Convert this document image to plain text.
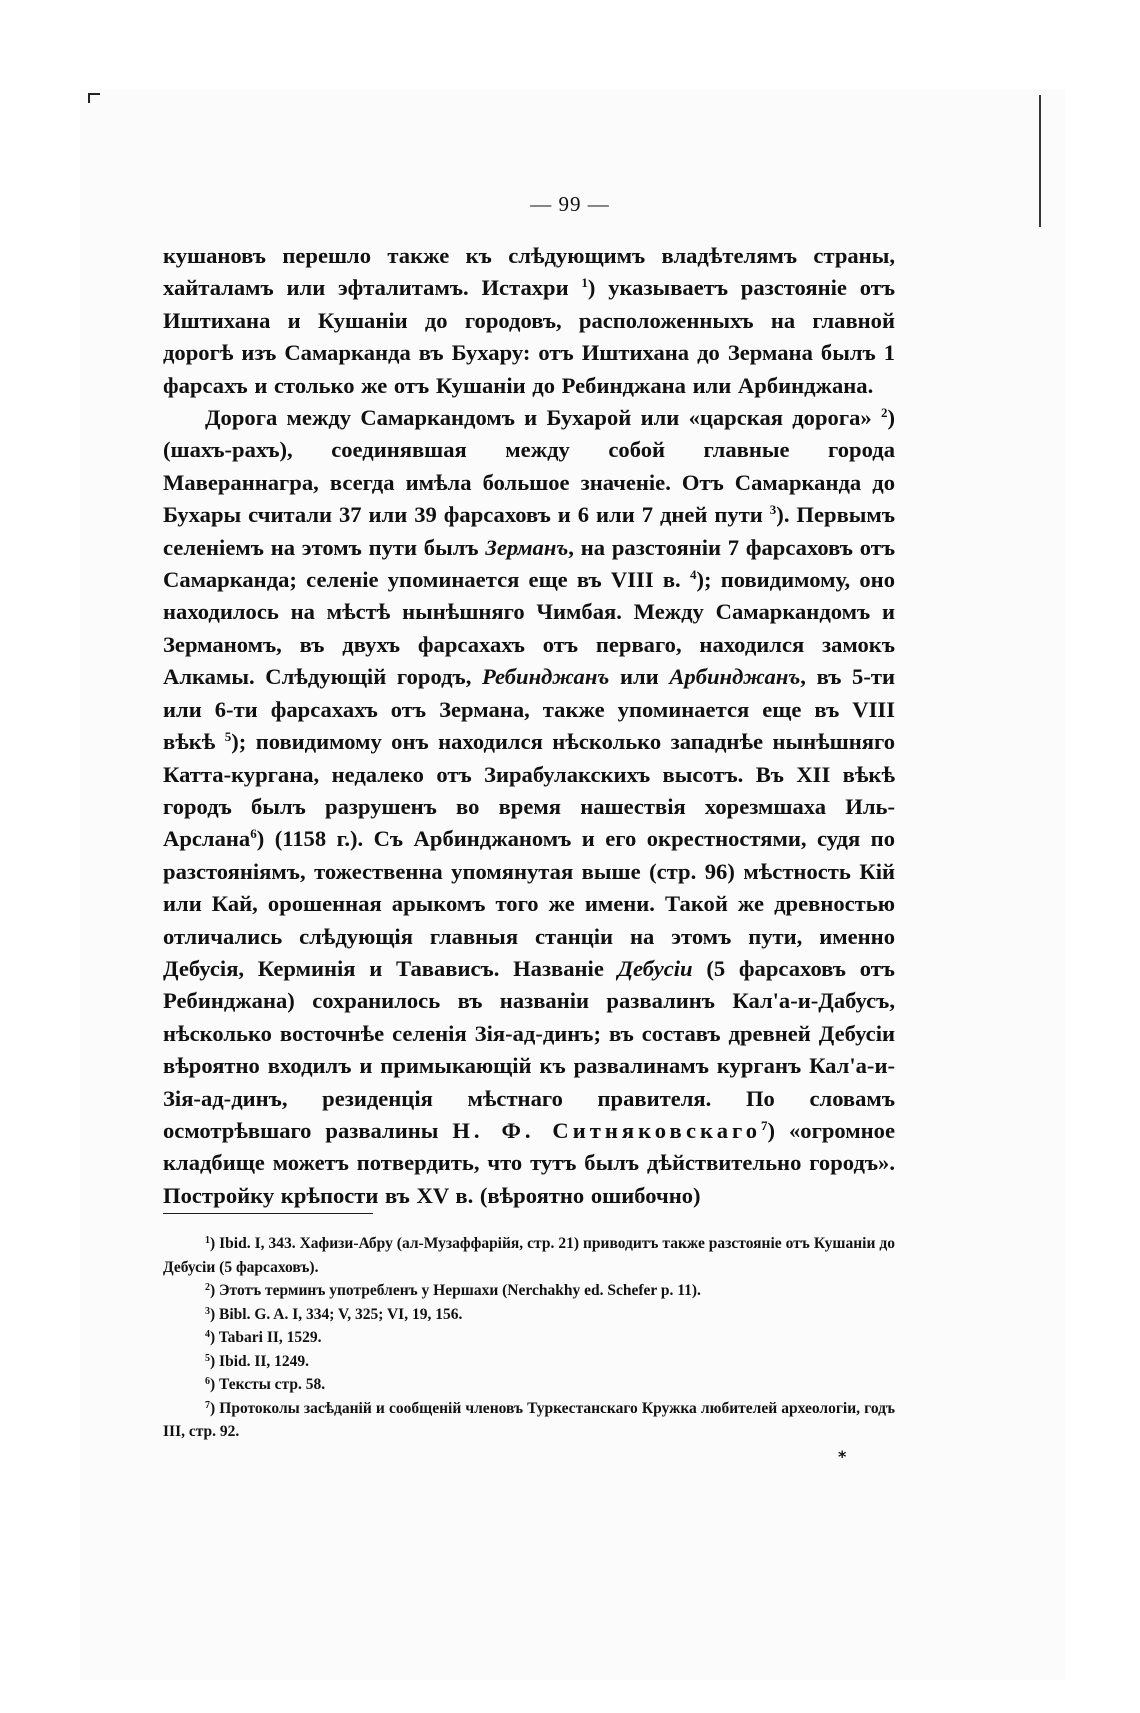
— 99 —

кушановъ перешло также къ слѣдующимъ владѣтелямъ страны, хайталамъ или эфталитамъ. Истахри $^1$) указываетъ разстояніе отъ Иштихана и Кушаніи до городовъ, расположенныхъ на главной дорогѣ изъ Самарканда въ Бухару: отъ Иштихана до Зермана былъ 1 фарсахъ и столько же отъ Кушаніи до Ребинджана или Арбинджана.

Дорога между Самаркандомъ и Бухарой или «царская дорога» $^2$) (шахъ-рахъ), соединявшая между собой главные города Мавераннагра, всегда имѣла большое значеніе. Отъ Самарканда до Бухары считали 37 или 39 фарсаховъ и 6 или 7 дней пути $^3$). Первымъ селеніемъ на этомъ пути былъ Зерманъ, на разстояніи 7 фарсаховъ отъ Самарканда; селеніе упоминается еще въ VIII в. $^4$); повидимому, оно находилось на мѣстѣ нынѣшняго Чимбая. Между Самаркандомъ и Зерманомъ, въ двухъ фарсахахъ отъ перваго, находился замокъ Алкамы. Слѣдующій городъ, Ребинджанъ или Арбинджанъ, въ 5-ти или 6-ти фарсахахъ отъ Зермана, также упоминается еще въ VIII вѣкѣ $^5$); повидимому онъ находился нѣсколько западнѣе нынѣшняго Катта-кургана, недалеко отъ Зирабулакскихъ высотъ. Въ XII вѣкѣ городъ былъ разрушенъ во время нашествія хорезмшаха Иль-Арслана$^6$) (1158 г.). Съ Арбинджаномъ и его окрестностями, судя по разстояніямъ, тожественна упомянутая выше (стр. 96) мѣстность Кій или Кай, орошенная арыкомъ того же имени. Такой же древностью отличались слѣдующія главныя станціи на этомъ пути, именно Дебусія, Керминія и Тавависъ. Названіе Дебусіи (5 фарсаховъ отъ Ребинджана) сохранилось въ названіи развалинъ Кал'а-и-Дабусъ, нѣсколько восточнѣе селенія Зія-ад-динъ; въ составъ древней Дебусіи вѣроятно входилъ и примыкающій къ развалинамъ курганъ Кал'а-и-Зія-ад-динъ, резиденція мѣстнаго правителя. По словамъ осмотрѣвшаго развалины Н. Ф. Ситняковскаго$^7$) «огромное кладбище можетъ потвердить, что тутъ былъ дѣйствительно городъ». Постройку крѣпости въ XV в. (вѣроятно ошибочно)

$^1$) Ibid. I, 343. Хафизи-Абру (ал-Музаффарійя, стр. 21) приводитъ также разстояніе отъ Кушаніи до Дебусіи (5 фарсаховъ).

$^2$) Этотъ терминъ употребленъ у Нершахи (Nerchakhy ed. Schefer p. 11).

$^3$) Bibl. G. A. I, 334; V, 325; VI, 19, 156.

$^4$) Tabari II, 1529.

$^5$) Ibid. II, 1249.

$^6$) Тексты стр. 58.

$^7$) Протоколы засѣданій и сообщеній членовъ Туркестанскаго Кружка любителей археологіи, годъ III, стр. 92.

*
